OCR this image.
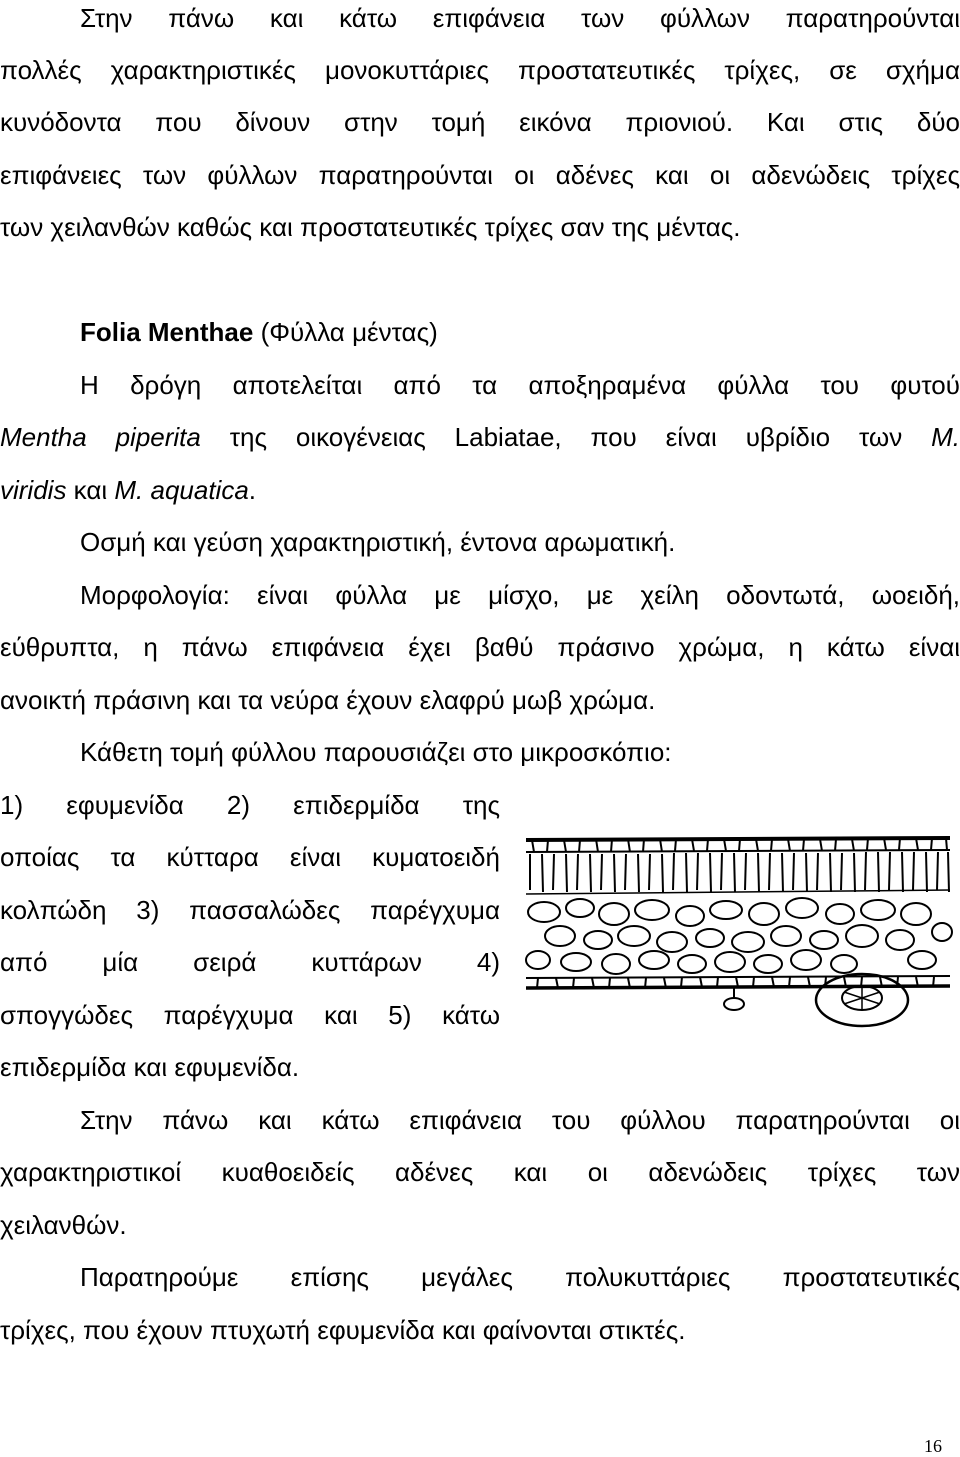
Στην πάνω και κάτω επιφάνεια των φύλλων παρατηρούνται

πολλές χαρακτηριστικές μονοκυττάριες προστατευτικές τρίχες, σε σχήμα

κυνόδοντα που δίνουν στην τομή εικόνα πριονιού. Και στις δύο

επιφάνειες των φύλλων παρατηρούνται οι αδένες και οι αδενώδεις τρίχες

των χειλανθών καθώς και προστατευτικές τρίχες σαν της μέντας.

Folia Menthae (Φύλλα μέντας)

Η δρόγη αποτελείται από τα αποξηραμένα φύλλα του φυτού

Mentha piperita της οικογένειας Labiatae, που είναι υβρίδιο των M.

viridis και M. aquatica.

Οσμή και γεύση χαρακτηριστική, έντονα αρωματική.

Μορφολογία: είναι φύλλα με μίσχο, με χείλη οδοντωτά, ωοειδή,

εύθρυπτα, η πάνω επιφάνεια έχει βαθύ πράσινο χρώμα, η κάτω είναι

ανοικτή πράσινη και τα νεύρα έχουν ελαφρύ μωβ χρώμα.

Κάθετη τομή φύλλου παρουσιάζει στο μικροσκόπιο:

1) εφυμενίδα 2) επιδερμίδα της

οποίας τα κύτταρα είναι κυματοειδή

κολπώδη 3) πασσαλώδες παρέγχυμα

από μία σειρά κυττάρων 4)

σπογγώδες παρέγχυμα και 5) κάτω

επιδερμίδα και εφυμενίδα.

Στην πάνω και κάτω επιφάνεια του φύλλου παρατηρούνται οι

χαρακτηριστικοί κυαθοειδείς αδένες και οι αδενώδεις τρίχες των

χειλανθών.

Παρατηρούμε επίσης μεγάλες πολυκυττάριες προστατευτικές

τρίχες, που έχουν πτυχωτή εφυμενίδα και φαίνονται στικτές.

16
